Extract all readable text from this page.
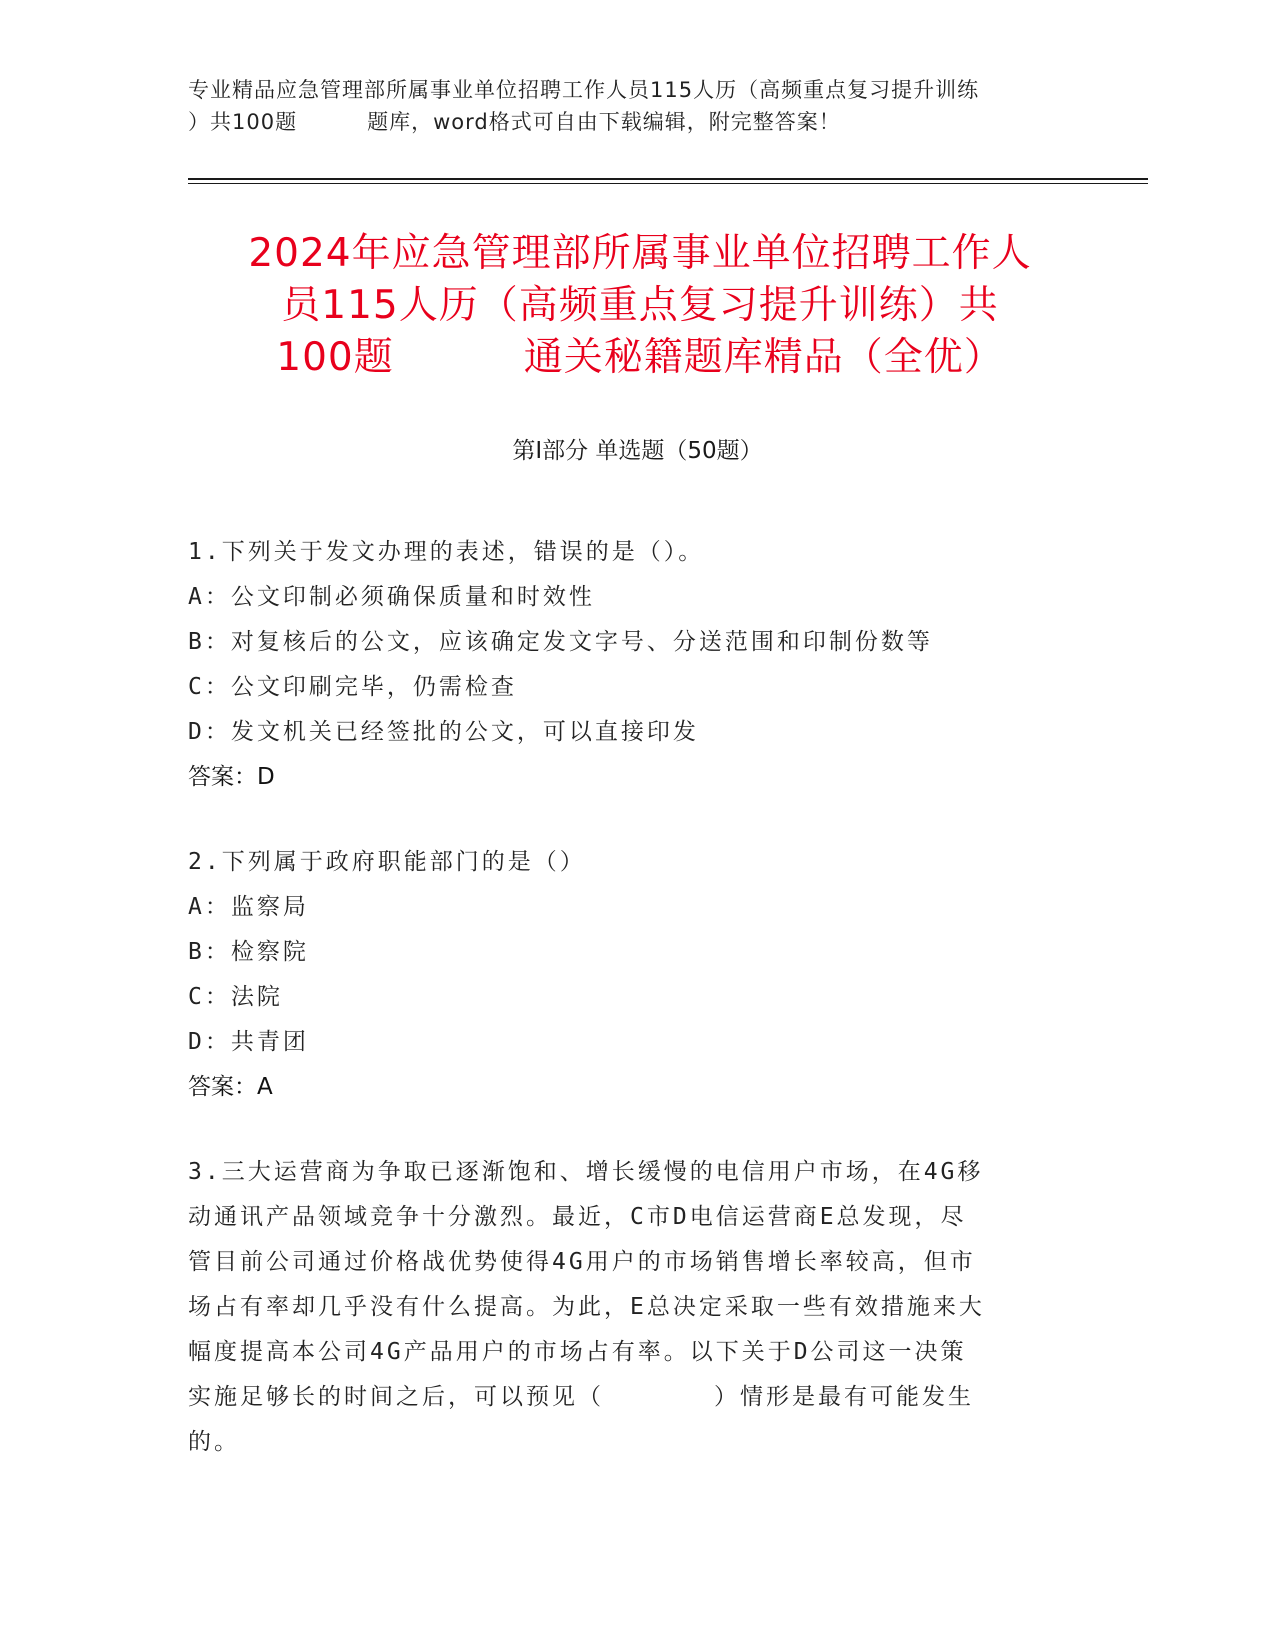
专业精品应急管理部所属事业单位招聘工作人员115人历（高频重点复习提升训练
）共100题	题库，word格式可自由下载编辑，附完整答案！
2024年应急管理部所属事业单位招聘工作人
员115人历（高频重点复习提升训练）共
100题	通关秘籍题库精品（全优）
第Ⅰ部分 单选题（50题）
1.下列关于发文办理的表述，错误的是（）。
A：公文印制必须确保质量和时效性
B：对复核后的公文，应该确定发文字号、分送范围和印制份数等
C：公文印刷完毕，仍需检查
D：发文机关已经签批的公文，可以直接印发
答案：D
2.下列属于政府职能部门的是（）
A：监察局
B：检察院
C：法院
D：共青团
答案：A
3.三大运营商为争取已逐渐饱和、增长缓慢的电信用户市场，在4G移
动通讯产品领域竞争十分激烈。最近，C市D电信运营商E总发现，尽
管目前公司通过价格战优势使得4G用户的市场销售增长率较高，但市
场占有率却几乎没有什么提高。为此，E总决定采取一些有效措施来大
幅度提高本公司4G产品用户的市场占有率。以下关于D公司这一决策
实施足够长的时间之后，可以预见（	）情形是最有可能发生
的。
